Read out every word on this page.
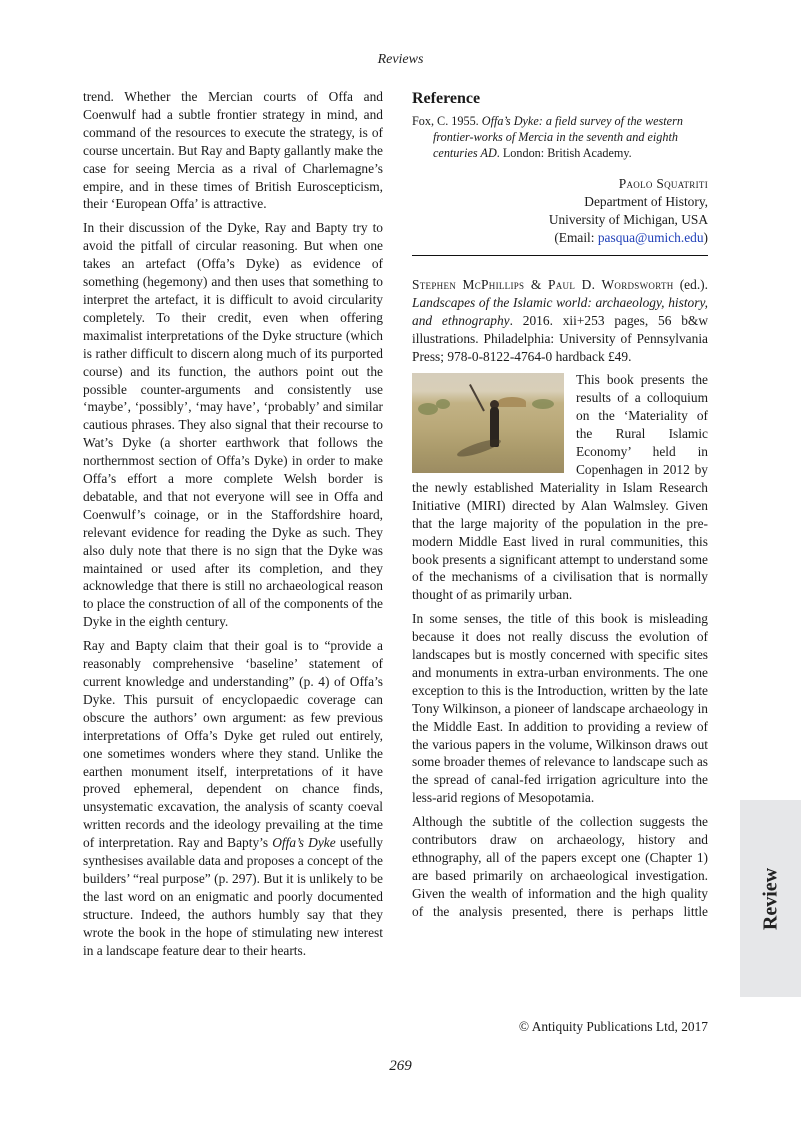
Reviews

trend. Whether the Mercian courts of Offa and Coenwulf had a subtle frontier strategy in mind, and command of the resources to execute the strategy, is of course uncertain. But Ray and Bapty gallantly make the case for seeing Mercia as a rival of Charlemagne’s empire, and in these times of British Euroscepticism, their ‘European Offa’ is attractive.

In their discussion of the Dyke, Ray and Bapty try to avoid the pitfall of circular reasoning. But when one takes an artefact (Offa’s Dyke) as evidence of something (hegemony) and then uses that something to interpret the artefact, it is difficult to avoid circularity completely. To their credit, even when offering maximalist interpretations of the Dyke structure (which is rather difficult to discern along much of its purported course) and its function, the authors point out the possible counter-arguments and consistently use ‘maybe’, ‘possibly’, ‘may have’, ‘probably’ and similar cautious phrases. They also signal that their recourse to Wat’s Dyke (a shorter earthwork that follows the northernmost section of Offa’s Dyke) in order to make Offa’s effort a more complete Welsh border is debatable, and that not everyone will see in Offa and Coenwulf’s coinage, or in the Staffordshire hoard, relevant evidence for reading the Dyke as such. They also duly note that there is no sign that the Dyke was maintained or used after its completion, and they acknowledge that there is still no archaeological reason to place the construction of all of the components of the Dyke in the eighth century.

Ray and Bapty claim that their goal is to “provide a reasonably comprehensive ‘baseline’ statement of current knowledge and understanding” (p. 4) of Offa’s Dyke. This pursuit of encyclopaedic coverage can obscure the authors’ own argument: as few previous interpretations of Offa’s Dyke get ruled out entirely, one sometimes wonders where they stand. Unlike the earthen monument itself, interpretations of it have proved ephemeral, dependent on chance finds, unsystematic excavation, the analysis of scanty coeval written records and the ideology prevailing at the time of interpretation. Ray and Bapty’s Offa’s Dyke usefully synthesises available data and proposes a concept of the builders’ “real purpose” (p. 297). But it is unlikely to be the last word on an enigmatic and poorly documented structure. Indeed, the authors humbly say that they wrote the book in the hope of stimulating new interest in a landscape feature dear to their hearts.

Reference
Fox, C. 1955. Offa’s Dyke: a field survey of the western frontier-works of Mercia in the seventh and eighth centuries AD. London: British Academy.
Paolo Squatriti
Department of History,
University of Michigan, USA
(Email: pasqua@umich.edu)

Stephen McPhillips & Paul D. Wordsworth (ed.). Landscapes of the Islamic world: archaeology, history, and ethnography. 2016. xii+253 pages, 56 b&w illustrations. Philadelphia: University of Pennsylvania Press; 978-0-8122-4764-0 hardback £49.

This book presents the results of a colloquium on the ‘Materiality of the Rural Islamic Economy’ held in Copenhagen in 2012 by the newly established Materiality in Islam Research Initiative (MIRI) directed by Alan Walmsley. Given that the large majority of the population in the pre-modern Middle East lived in rural communities, this book presents a significant attempt to understand some of the mechanisms of a civilisation that is normally thought of as primarily urban.

In some senses, the title of this book is misleading because it does not really discuss the evolution of landscapes but is mostly concerned with specific sites and monuments in extra-urban environments. The one exception to this is the Introduction, written by the late Tony Wilkinson, a pioneer of landscape archaeology in the Middle East. In addition to providing a review of the various papers in the volume, Wilkinson draws out some broader themes of relevance to landscape such as the spread of canal-fed irrigation agriculture into the less-arid regions of Mesopotamia.

Although the subtitle of the collection suggests the contributors draw on archaeology, history and ethnography, all of the papers except one (Chapter 1) are based primarily on archaeological investigation. Given the wealth of information and the high quality of the analysis presented, there is perhaps little	Review
© Antiquity Publications Ltd, 2017
269
